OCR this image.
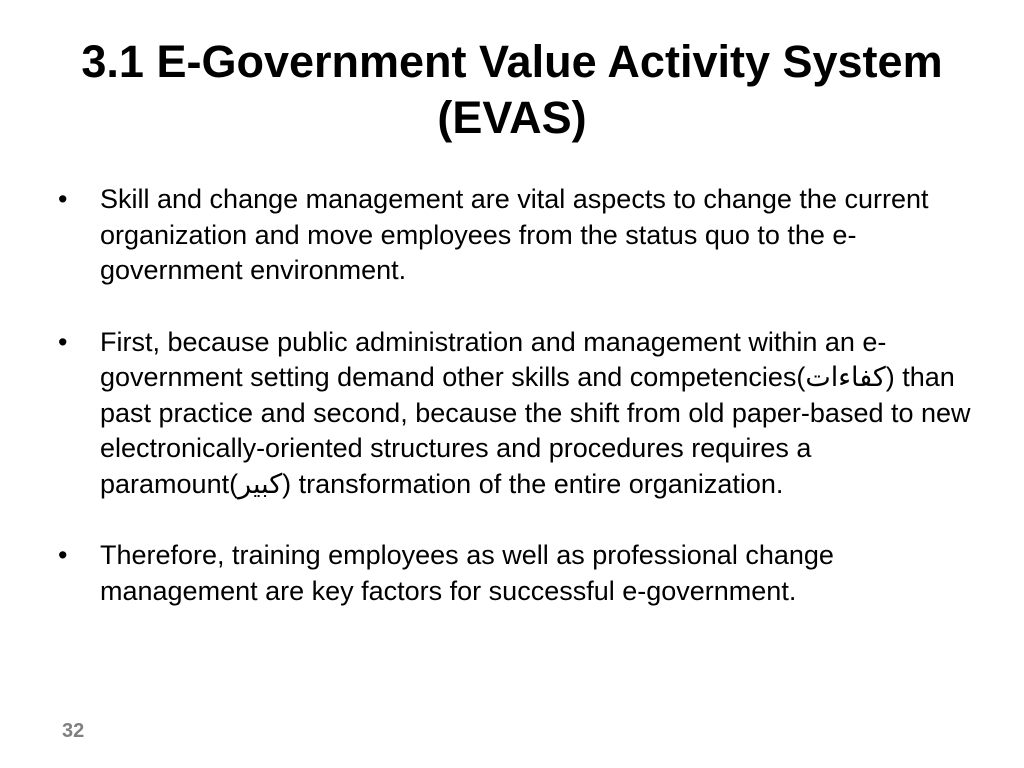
3.1 E-Government Value Activity System (EVAS)
•	Skill and change management are vital aspects to change the current organization and move employees from the status quo to the e-government environment.
•	First, because public administration and management within an e-government setting demand other skills and competencies(كفاءات) than past practice and second, because the shift from old paper-based to new electronically-oriented structures and procedures requires a paramount(كبير) transformation of the entire organization.
•	Therefore, training employees as well as professional change management are key factors for successful e-government.
32
